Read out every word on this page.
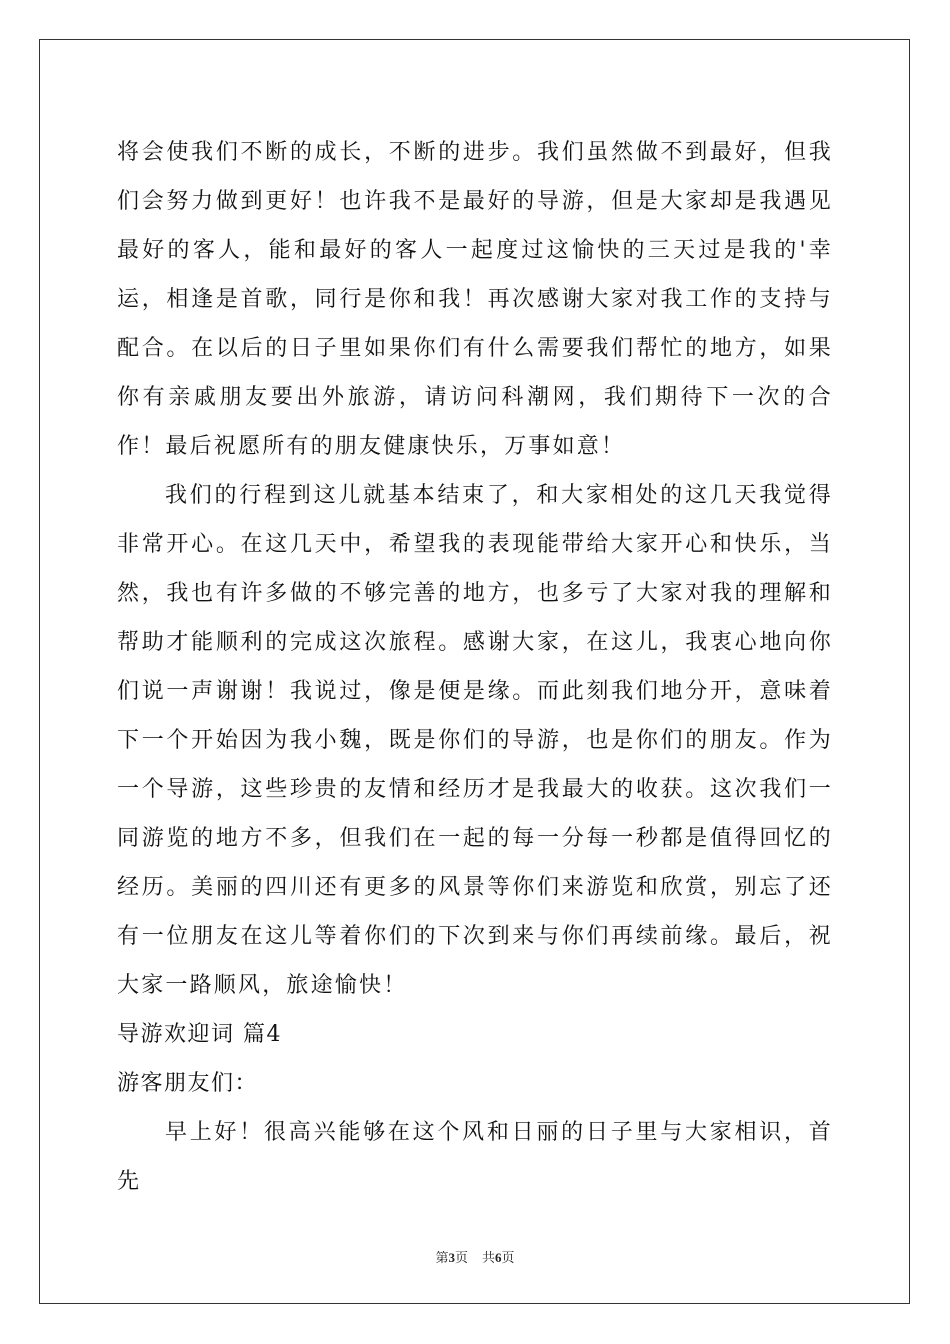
将会使我们不断的成长，不断的进步。我们虽然做不到最好，但我们会努力做到更好！也许我不是最好的导游，但是大家却是我遇见最好的客人，能和最好的客人一起度过这愉快的三天过是我的'幸运，相逢是首歌，同行是你和我！再次感谢大家对我工作的支持与配合。在以后的日子里如果你们有什么需要我们帮忙的地方，如果你有亲戚朋友要出外旅游，请访问科潮网，我们期待下一次的合作！最后祝愿所有的朋友健康快乐，万事如意！

我们的行程到这儿就基本结束了，和大家相处的这几天我觉得非常开心。在这几天中，希望我的表现能带给大家开心和快乐，当然，我也有许多做的不够完善的地方，也多亏了大家对我的理解和帮助才能顺利的完成这次旅程。感谢大家，在这儿，我衷心地向你们说一声谢谢！我说过，像是便是缘。而此刻我们地分开，意味着下一个开始因为我小魏，既是你们的导游，也是你们的朋友。作为一个导游，这些珍贵的友情和经历才是我最大的收获。这次我们一同游览的地方不多，但我们在一起的每一分每一秒都是值得回忆的经历。美丽的四川还有更多的风景等你们来游览和欣赏，别忘了还有一位朋友在这儿等着你们的下次到来与你们再续前缘。最后，祝大家一路顺风，旅途愉快！

导游欢迎词 篇4

游客朋友们：

早上好！很高兴能够在这个风和日丽的日子里与大家相识，首先

第3页 共6页
